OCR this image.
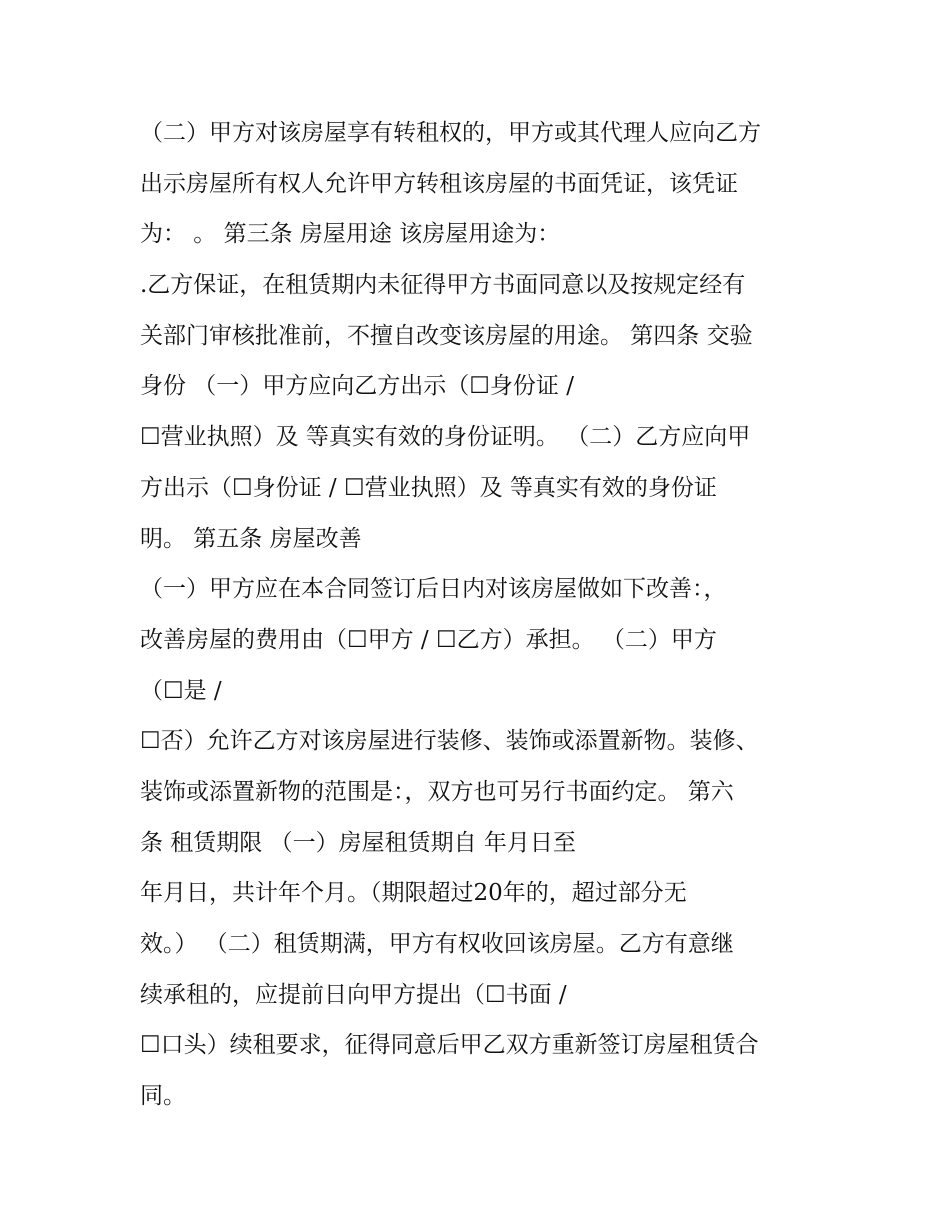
（二）甲方对该房屋享有转租权的，甲方或其代理人应向乙方
出示房屋所有权人允许甲方转租该房屋的书面凭证，该凭证
为： 。 第三条 房屋用途 该房屋用途为：
.乙方保证，在租赁期内未征得甲方书面同意以及按规定经有
关部门审核批准前，不擅自改变该房屋的用途。 第四条 交验
身份 （一）甲方应向乙方出示（☐身份证 /
☐营业执照）及 等真实有效的身份证明。 （二）乙方应向甲
方出示（☐身份证 / ☐营业执照）及 等真实有效的身份证
明。 第五条 房屋改善
（一）甲方应在本合同签订后日内对该房屋做如下改善：，
改善房屋的费用由（☐甲方 / ☐乙方）承担。 （二）甲方
（☐是 /
☐否）允许乙方对该房屋进行装修、装饰或添置新物。装修、
装饰或添置新物的范围是：，双方也可另行书面约定。 第六
条 租赁期限 （一）房屋租赁期自 年月日至
年月日，共计年个月。（期限超过20年的，超过部分无
效。） （二）租赁期满，甲方有权收回该房屋。乙方有意继
续承租的，应提前日向甲方提出（☐书面 /
☐口头）续租要求，征得同意后甲乙双方重新签订房屋租赁合
同。
